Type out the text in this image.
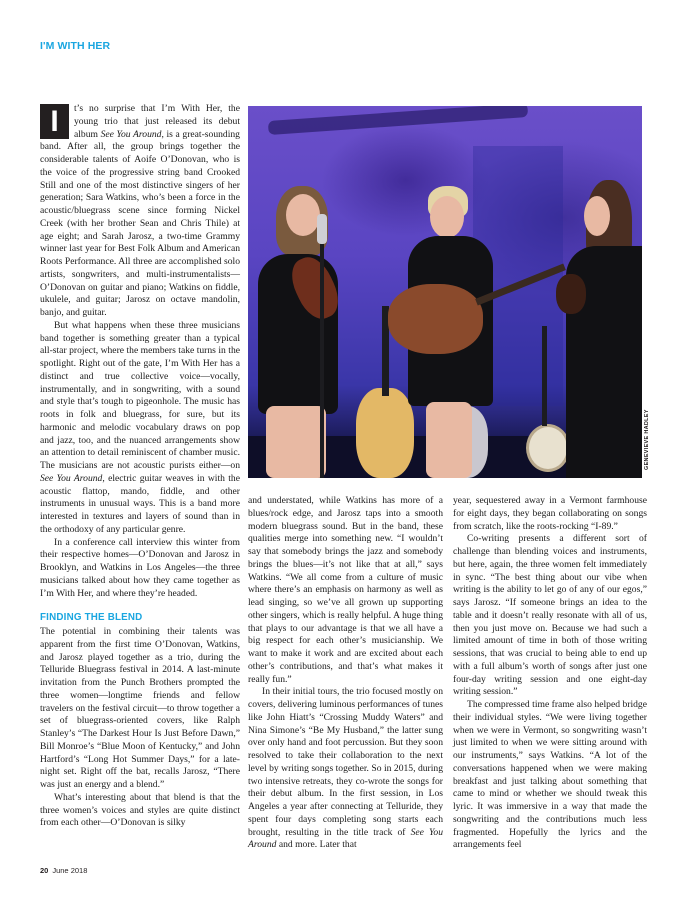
I'M WITH HER
GENEVIEVE HADLEY

I	t’s no surprise that I’m With Her, the young trio that just released its debut album See You Around, is a great-sounding band. After all, the group brings together the considerable talents of Aoife O’Donovan, who is the voice of the progressive string band Crooked Still and one of the most distinctive singers of her generation; Sara Watkins, who’s been a force in the acoustic/bluegrass scene since forming Nickel Creek (with her brother Sean and Chris Thile) at age eight; and Sarah Jarosz, a two-time Grammy winner last year for Best Folk Album and American Roots Performance. All three are accomplished solo artists, songwriters, and multi-instrumentalists—O’Donovan on guitar and piano; Watkins on fiddle, ukulele, and guitar; Jarosz on octave mandolin, banjo, and guitar.

But what happens when these three musicians band together is something greater than a typical all-star project, where the members take turns in the spotlight. Right out of the gate, I’m With Her has a distinct and true collective voice—vocally, instrumentally, and in songwriting, with a sound and style that’s tough to pigeonhole. The music has roots in folk and bluegrass, for sure, but its harmonic and melodic vocabulary draws on pop and jazz, too, and the nuanced arrangements show an attention to detail reminiscent of chamber music. The musicians are not acoustic purists either—on See You Around, electric guitar weaves in with the acoustic flattop, mando, fiddle, and other instruments in unusual ways. This is a band more interested in textures and layers of sound than in the orthodoxy of any particular genre.

In a conference call interview this winter from their respective homes—O’Donovan and Jarosz in Brooklyn, and Watkins in Los Angeles—the three musicians talked about how they came together as I’m With Her, and where they’re headed.

FINDING THE BLEND

The potential in combining their talents was apparent from the first time O’Donovan, Watkins, and Jarosz played together as a trio, during the Telluride Bluegrass festival in 2014. A last-minute invitation from the Punch Brothers prompted the three women—longtime friends and fellow travelers on the festival circuit—to throw together a set of bluegrass-oriented covers, like Ralph Stanley’s “The Darkest Hour Is Just Before Dawn,” Bill Monroe’s “Blue Moon of Kentucky,” and John Hartford’s “Long Hot Summer Days,” for a late-night set. Right off the bat, recalls Jarosz, “There was just an energy and a blend.”

What’s interesting about that blend is that the three women’s voices and styles are quite distinct from each other—O’Donovan is silky

and understated, while Watkins has more of a blues/rock edge, and Jarosz taps into a smooth modern bluegrass sound. But in the band, these qualities merge into something new. “I wouldn’t say that somebody brings the jazz and somebody brings the blues—it’s not like that at all,” says Watkins. “We all come from a culture of music where there’s an emphasis on harmony as well as lead singing, so we’ve all grown up supporting other singers, which is really helpful. A huge thing that plays to our advantage is that we all have a big respect for each other’s musicianship. We want to make it work and are excited about each other’s contributions, and that’s what makes it really fun.”

In their initial tours, the trio focused mostly on covers, delivering luminous performances of tunes like John Hiatt’s “Crossing Muddy Waters” and Nina Simone’s “Be My Husband,” the latter sung over only hand and foot percussion. But they soon resolved to take their collaboration to the next level by writing songs together. So in 2015, during two intensive retreats, they co-wrote the songs for their debut album. In the first session, in Los Angeles a year after connecting at Telluride, they spent four days completing song starts each brought, resulting in the title track of See You Around and more. Later that

year, sequestered away in a Vermont farmhouse for eight days, they began collaborating on songs from scratch, like the roots-rocking “I-89.”

Co-writing presents a different sort of challenge than blending voices and instruments, but here, again, the three women felt immediately in sync. “The best thing about our vibe when writing is the ability to let go of any of our egos,” says Jarosz. “If someone brings an idea to the table and it doesn’t really resonate with all of us, then you just move on. Because we had such a limited amount of time in both of those writing sessions, that was crucial to being able to end up with a full album’s worth of songs after just one four-day writing session and one eight-day writing session.”

The compressed time frame also helped bridge their individual styles. “We were living together when we were in Vermont, so songwriting wasn’t just limited to when we were sitting around with our instruments,” says Watkins. “A lot of the conversations happened when we were making breakfast and just talking about something that came to mind or whether we should tweak this lyric. It was immersive in a way that made the songwriting and the contributions much less fragmented. Hopefully the lyrics and the arrangements feel

20 June 2018
